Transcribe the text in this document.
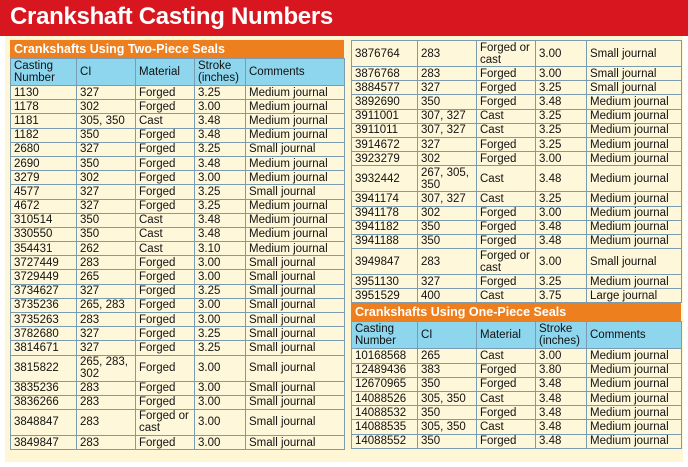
Crankshaft Casting Numbers
Crankshafts Using Two-Piece Seals
Casting Number	CI	Material	Stroke (inches)	Comments
1130	327	Forged	3.25	Medium journal
1178	302	Forged	3.00	Medium journal
1181	305, 350	Cast	3.48	Medium journal
1182	350	Forged	3.48	Medium journal
2680	327	Forged	3.25	Small journal
2690	350	Forged	3.48	Medium journal
3279	302	Forged	3.00	Medium journal
4577	327	Forged	3.25	Small journal
4672	327	Forged	3.25	Medium journal
310514	350	Cast	3.48	Medium journal
330550	350	Cast	3.48	Medium journal
354431	262	Cast	3.10	Medium journal
3727449	283	Forged	3.00	Small journal
3729449	265	Forged	3.00	Small journal
3734627	327	Forged	3.25	Small journal
3735236	265, 283	Forged	3.00	Small journal
3735263	283	Forged	3.00	Small journal
3782680	327	Forged	3.25	Small journal
3814671	327	Forged	3.25	Small journal
3815822	265, 283, 302	Forged	3.00	Small journal
3835236	283	Forged	3.00	Small journal
3836266	283	Forged	3.00	Small journal
3848847	283	Forged or cast	3.00	Small journal
3849847	283	Forged	3.00	Small journal
3876764	283	Forged or cast	3.00	Small journal
3876768	283	Forged	3.00	Small journal
3884577	327	Forged	3.25	Small journal
3892690	350	Forged	3.48	Medium journal
3911001	307, 327	Cast	3.25	Medium journal
3911011	307, 327	Cast	3.25	Medium journal
3914672	327	Forged	3.25	Medium journal
3923279	302	Forged	3.00	Medium journal
3932442	267, 305, 350	Cast	3.48	Medium journal
3941174	307, 327	Cast	3.25	Medium journal
3941178	302	Forged	3.00	Medium journal
3941182	350	Forged	3.48	Medium journal
3941188	350	Forged	3.48	Medium journal
3949847	283	Forged or cast	3.00	Small journal
3951130	327	Forged	3.25	Medium journal
3951529	400	Cast	3.75	Large journal
Crankshafts Using One-Piece Seals
Casting Number	CI	Material	Stroke (inches)	Comments
10168568	265	Cast	3.00	Medium journal
12489436	383	Forged	3.80	Medium journal
12670965	350	Forged	3.48	Medium journal
14088526	305, 350	Cast	3.48	Medium journal
14088532	350	Forged	3.48	Medium journal
14088535	305, 350	Cast	3.48	Medium journal
14088552	350	Forged	3.48	Medium journal
